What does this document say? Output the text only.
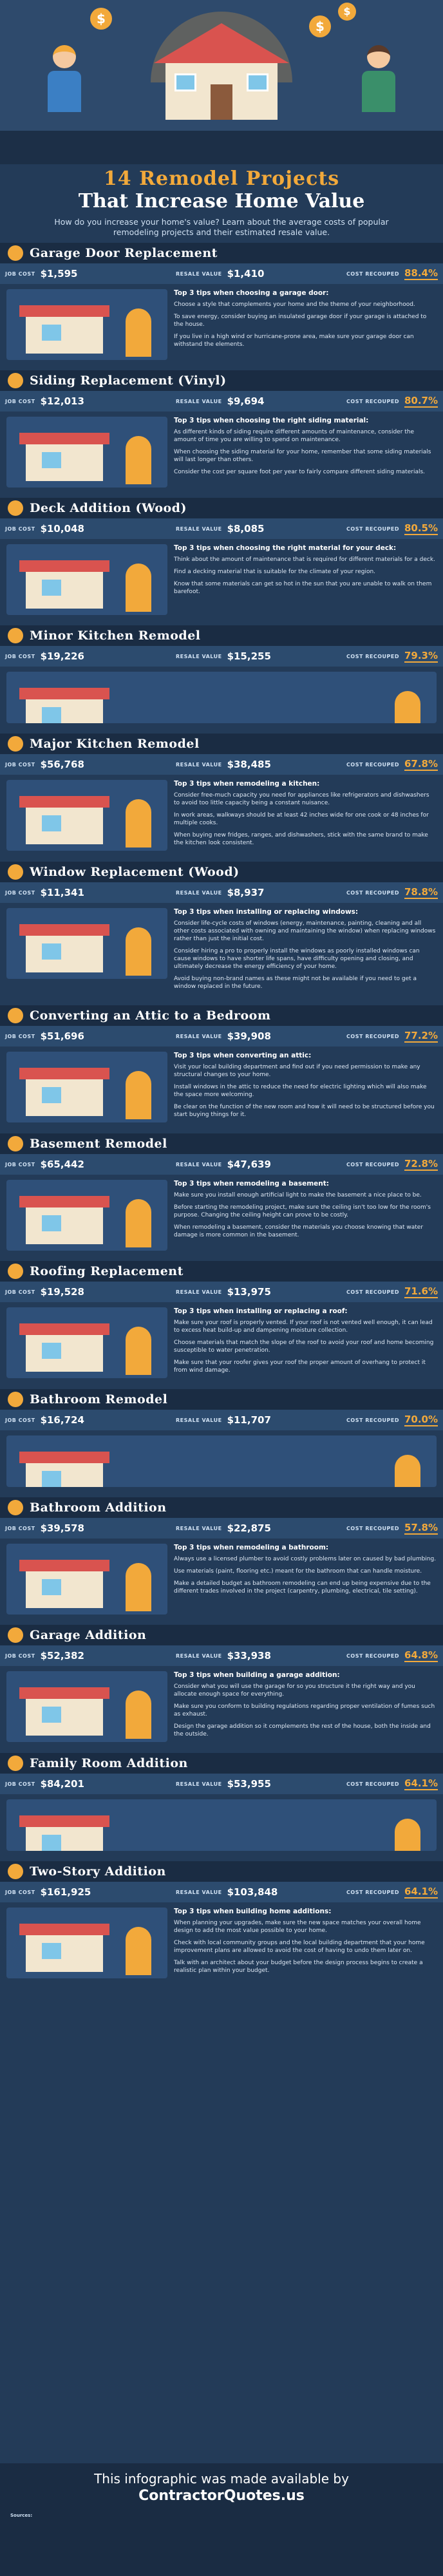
$	$
$
14 Remodel Projects
That Increase Home Value
How do you increase your home's value? Learn about the average costs of popular remodeling projects and their estimated resale value.
Garage Door Replacement
JOB COST $1,595	RESALE VALUE $1,410	COST RECOUPED 88.4%
Top 3 tips when choosing a garage door:

Choose a style that complements your home and the theme of your neighborhood.

To save energy, consider buying an insulated garage door if your garage is attached to the house.

If you live in a high wind or hurricane-prone area, make sure your garage door can withstand the elements.

Siding Replacement (Vinyl)
JOB COST $12,013	RESALE VALUE $9,694	COST RECOUPED 80.7%
Top 3 tips when choosing the right siding material:

As different kinds of siding require different amounts of maintenance, consider the amount of time you are willing to spend on maintenance.

When choosing the siding material for your home, remember that some siding materials will last longer than others.

Consider the cost per square foot per year to fairly compare different siding materials.

Deck Addition (Wood)
JOB COST $10,048	RESALE VALUE $8,085	COST RECOUPED 80.5%
Top 3 tips when choosing the right material for your deck:

Think about the amount of maintenance that is required for different materials for a deck.

Find a decking material that is suitable for the climate of your region.

Know that some materials can get so hot in the sun that you are unable to walk on them barefoot.

Minor Kitchen Remodel
JOB COST $19,226	RESALE VALUE $15,255	COST RECOUPED 79.3%
Major Kitchen Remodel
JOB COST $56,768	RESALE VALUE $38,485	COST RECOUPED 67.8%
Top 3 tips when remodeling a kitchen:

Consider free-much capacity you need for appliances like refrigerators and dishwashers to avoid too little capacity being a constant nuisance.

In work areas, walkways should be at least 42 inches wide for one cook or 48 inches for multiple cooks.

When buying new fridges, ranges, and dishwashers, stick with the same brand to make the kitchen look consistent.

Window Replacement (Wood)
JOB COST $11,341	RESALE VALUE $8,937	COST RECOUPED 78.8%
Top 3 tips when installing or replacing windows:

Consider life-cycle costs of windows (energy, maintenance, painting, cleaning and all other costs associated with owning and maintaining the window) when replacing windows rather than just the initial cost.

Consider hiring a pro to properly install the windows as poorly installed windows can cause windows to have shorter life spans, have difficulty opening and closing, and ultimately decrease the energy efficiency of your home.

Avoid buying non-brand names as these might not be available if you need to get a window replaced in the future.

Converting an Attic to a Bedroom
JOB COST $51,696	RESALE VALUE $39,908	COST RECOUPED 77.2%
Top 3 tips when converting an attic:

Visit your local building department and find out if you need permission to make any structural changes to your home.

Install windows in the attic to reduce the need for electric lighting which will also make the space more welcoming.

Be clear on the function of the new room and how it will need to be structured before you start buying things for it.

Basement Remodel
JOB COST $65,442	RESALE VALUE $47,639	COST RECOUPED 72.8%
Top 3 tips when remodeling a basement:

Make sure you install enough artificial light to make the basement a nice place to be.

Before starting the remodeling project, make sure the ceiling isn't too low for the room's purpose. Changing the ceiling height can prove to be costly.

When remodeling a basement, consider the materials you choose knowing that water damage is more common in the basement.

Roofing Replacement
JOB COST $19,528	RESALE VALUE $13,975	COST RECOUPED 71.6%
Top 3 tips when installing or replacing a roof:

Make sure your roof is properly vented. If your roof is not vented well enough, it can lead to excess heat build-up and dampening moisture collection.

Choose materials that match the slope of the roof to avoid your roof and home becoming susceptible to water penetration.

Make sure that your roofer gives your roof the proper amount of overhang to protect it from wind damage.

Bathroom Remodel
JOB COST $16,724	RESALE VALUE $11,707	COST RECOUPED 70.0%
Bathroom Addition
JOB COST $39,578	RESALE VALUE $22,875	COST RECOUPED 57.8%
Top 3 tips when remodeling a bathroom:

Always use a licensed plumber to avoid costly problems later on caused by bad plumbing.

Use materials (paint, flooring etc.) meant for the bathroom that can handle moisture.

Make a detailed budget as bathroom remodeling can end up being expensive due to the different trades involved in the project (carpentry, plumbing, electrical, tile setting).

Garage Addition
JOB COST $52,382	RESALE VALUE $33,938	COST RECOUPED 64.8%
Top 3 tips when building a garage addition:

Consider what you will use the garage for so you structure it the right way and you allocate enough space for everything.

Make sure you conform to building regulations regarding proper ventilation of fumes such as exhaust.

Design the garage addition so it complements the rest of the house, both the inside and the outside.

Family Room Addition
JOB COST $84,201	RESALE VALUE $53,955	COST RECOUPED 64.1%
Two-Story Addition
JOB COST $161,925	RESALE VALUE $103,848	COST RECOUPED 64.1%
Top 3 tips when building home additions:

When planning your upgrades, make sure the new space matches your overall home design to add the most value possible to your home.

Check with local community groups and the local building department that your home improvement plans are allowed to avoid the cost of having to undo them later on.

Talk with an architect about your budget before the design process begins to create a realistic plan within your budget.

This infographic was made available by
ContractorQuotes.us
Sources:
